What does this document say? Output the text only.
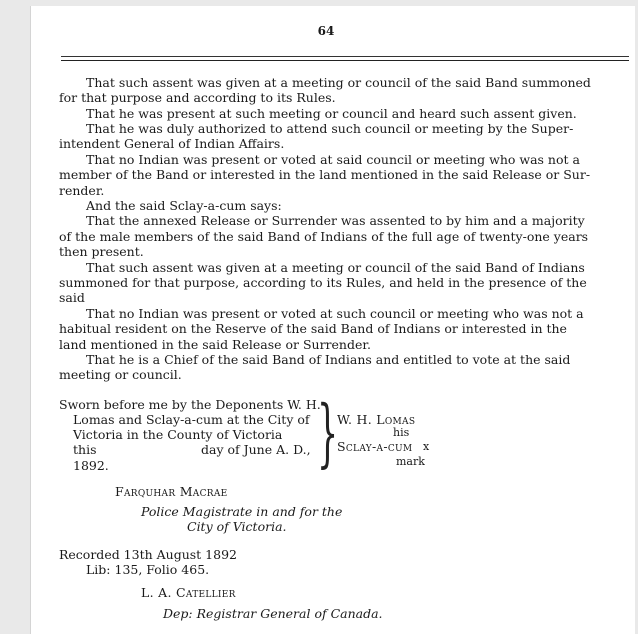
64
That such assent was given at a meeting or council of the said Band summoned
for that purpose and according to its Rules.
That he was present at such meeting or council and heard such assent given.
That he was duly authorized to attend such council or meeting by the Super-
intendent General of Indian Affairs.
That no Indian was present or voted at said council or meeting who was not a
member of the Band or interested in the land mentioned in the said Release or Sur-
render.
And the said Sclay-a-cum says:
That the annexed Release or Surrender was assented to by him and a majority
of the male members of the said Band of Indians of the full age of twenty-one years
then present.
That such assent was given at a meeting or council of the said Band of Indians
summoned for that purpose, according to its Rules, and held in the presence of the
said
That no Indian was present or voted at such council or meeting who was not a
habitual resident on the Reserve of the said Band of Indians or interested in the
land mentioned in the said Release or Surrender.
That he is a Chief of the said Band of Indians and entitled to vote at the said
meeting or council.
Sworn before me by the Deponents W. H.
Lomas and Sclay-a-cum at the City of
Victoria in the County of Victoria
this	day of June A. D.,
1892.	}
W. H. Lomas
his
Sclay-a-cum x
mark
Farquhar Macrae
Police Magistrate in and for the
City of Victoria.
Recorded 13th August 1892
Lib: 135, Folio 465.
L. A. Catellier
Dep: Registrar General of Canada.
